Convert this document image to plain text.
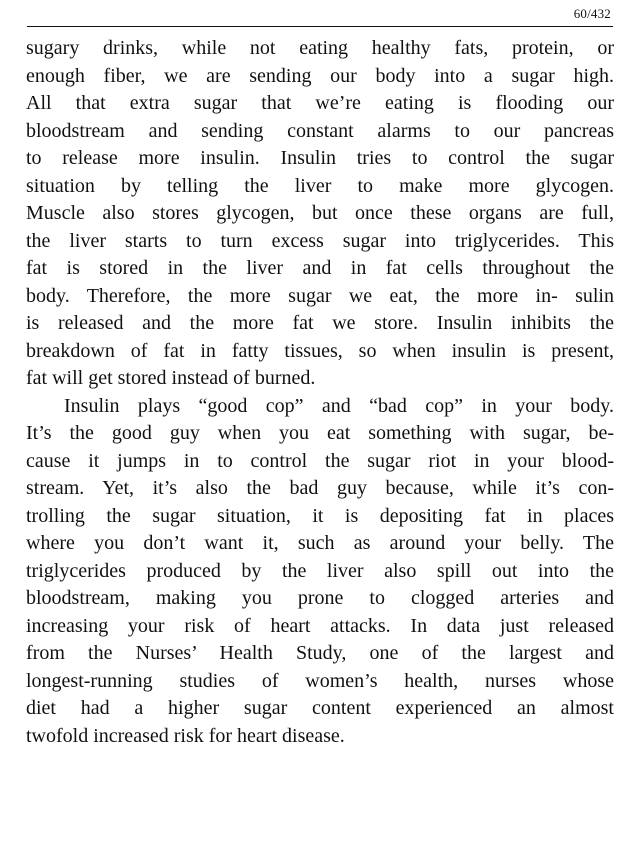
60/432
sugary drinks, while not eating healthy fats, protein, or
enough fiber, we are sending our body into a sugar high.
All that extra sugar that we’re eating is flooding our
bloodstream and sending constant alarms to our pancreas
to release more insulin. Insulin tries to control the sugar
situation by telling the liver to make more glycogen.
Muscle also stores glycogen, but once these organs are full,
the liver starts to turn excess sugar into triglycerides. This
fat is stored in the liver and in fat cells throughout the
body. Therefore, the more sugar we eat, the more in- sulin
is released and the more fat we store. Insulin inhibits the
breakdown of fat in fatty tissues, so when insulin is present,
fat will get stored instead of burned.
Insulin plays “good cop” and “bad cop” in your body.
It’s the good guy when you eat something with sugar, be-
cause it jumps in to control the sugar riot in your blood-
stream. Yet, it’s also the bad guy because, while it’s con-
trolling the sugar situation, it is depositing fat in places
where you don’t want it, such as around your belly. The
triglycerides produced by the liver also spill out into the
bloodstream, making you prone to clogged arteries and
increasing your risk of heart attacks. In data just released
from the Nurses’ Health Study, one of the largest and
longest-running studies of women’s health, nurses whose
diet had a higher sugar content experienced an almost
twofold increased risk for heart disease.
